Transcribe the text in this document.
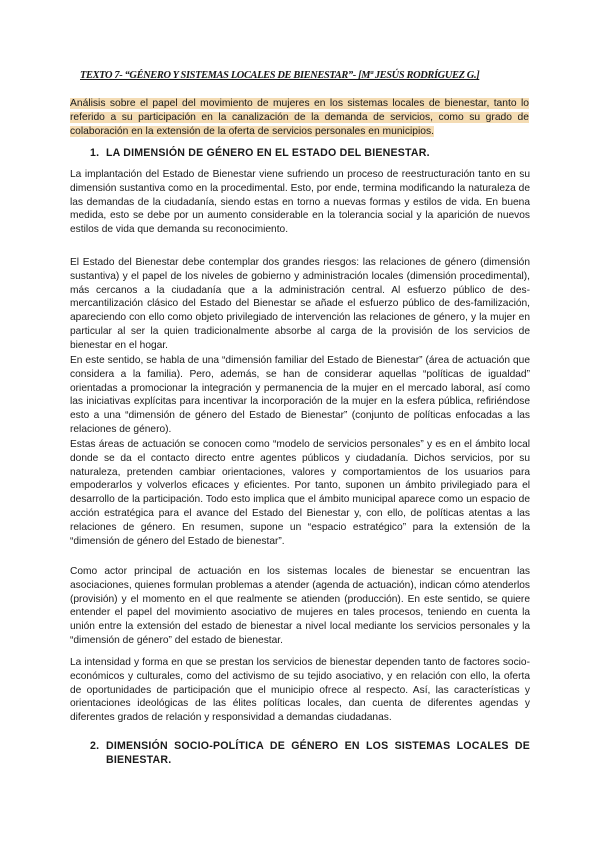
TEXTO 7- “GÉNERO Y SISTEMAS LOCALES DE BIENESTAR”- [Mª JESÚS RODRÍGUEZ G.]
Análisis sobre el papel del movimiento de mujeres en los sistemas locales de bienestar, tanto lo referido a su participación en la canalización de la demanda de servicios, como su grado de colaboración en la extensión de la oferta de servicios personales en municipios.
1. LA DIMENSIÓN DE GÉNERO EN EL ESTADO DEL BIENESTAR.
La implantación del Estado de Bienestar viene sufriendo un proceso de reestructuración tanto en su dimensión sustantiva como en la procedimental. Esto, por ende, termina modificando la naturaleza de las demandas de la ciudadanía, siendo estas en torno a nuevas formas y estilos de vida. En buena medida, esto se debe por un aumento considerable en la tolerancia social y la aparición de nuevos estilos de vida que demanda su reconocimiento.
El Estado del Bienestar debe contemplar dos grandes riesgos: las relaciones de género (dimensión sustantiva) y el papel de los niveles de gobierno y administración locales (dimensión procedimental), más cercanos a la ciudadanía que a la administración central. Al esfuerzo público de des-mercantilización clásico del Estado del Bienestar se añade el esfuerzo público de des-familización, apareciendo con ello como objeto privilegiado de intervención las relaciones de género, y la mujer en particular al ser la quien tradicionalmente absorbe al carga de la provisión de los servicios de bienestar en el hogar.
En este sentido, se habla de una “dimensión familiar del Estado de Bienestar” (área de actuación que considera a la familia). Pero, además, se han de considerar aquellas “políticas de igualdad” orientadas a promocionar la integración y permanencia de la mujer en el mercado laboral, así como las iniciativas explícitas para incentivar la incorporación de la mujer en la esfera pública, refiriéndose esto a una “dimensión de género del Estado de Bienestar” (conjunto de políticas enfocadas a las relaciones de género).
Estas áreas de actuación se conocen como “modelo de servicios personales” y es en el ámbito local donde se da el contacto directo entre agentes públicos y ciudadanía. Dichos servicios, por su naturaleza, pretenden cambiar orientaciones, valores y comportamientos de los usuarios para empoderarlos y volverlos eficaces y eficientes. Por tanto, suponen un ámbito privilegiado para el desarrollo de la participación. Todo esto implica que el ámbito municipal aparece como un espacio de acción estratégica para el avance del Estado del Bienestar y, con ello, de políticas atentas a las relaciones de género. En resumen, supone un “espacio estratégico” para la extensión de la “dimensión de género del Estado de bienestar”.
Como actor principal de actuación en los sistemas locales de bienestar se encuentran las asociaciones, quienes formulan problemas a atender (agenda de actuación), indican cómo atenderlos (provisión) y el momento en el que realmente se atienden (producción). En este sentido, se quiere entender el papel del movimiento asociativo de mujeres en tales procesos, teniendo en cuenta la unión entre la extensión del estado de bienestar a nivel local mediante los servicios personales y la “dimensión de género” del estado de bienestar.
La intensidad y forma en que se prestan los servicios de bienestar dependen tanto de factores socio-económicos y culturales, como del activismo de su tejido asociativo, y en relación con ello, la oferta de oportunidades de participación que el municipio ofrece al respecto. Así, las características y orientaciones ideológicas de las élites políticas locales, dan cuenta de diferentes agendas y diferentes grados de relación y responsividad a demandas ciudadanas.
2. DIMENSIÓN SOCIO-POLÍTICA DE GÉNERO EN LOS SISTEMAS LOCALES DE BIENESTAR.
